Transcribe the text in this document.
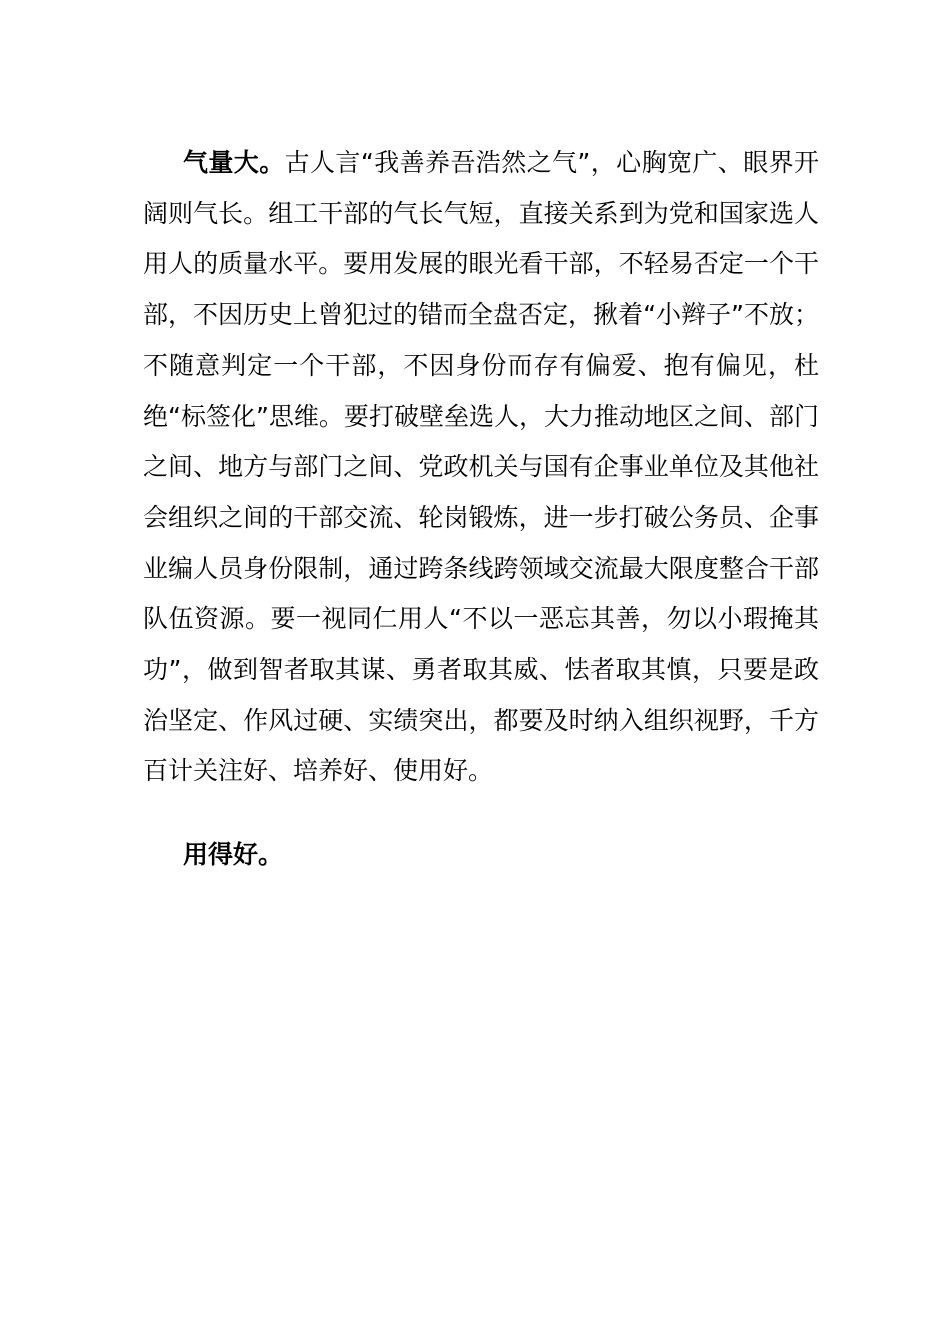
气量大。古人言“我善养吾浩然之气”，心胸宽广、眼界开阔则气长。组工干部的气长气短，直接关系到为党和国家选人用人的质量水平。要用发展的眼光看干部，不轻易否定一个干部，不因历史上曾犯过的错而全盘否定，揪着“小辫子”不放；不随意判定一个干部，不因身份而存有偏爱、抱有偏见，杜绝“标签化”思维。要打破壁垒选人，大力推动地区之间、部门之间、地方与部门之间、党政机关与国有企事业单位及其他社会组织之间的干部交流、轮岗锻炼，进一步打破公务员、企事业编人员身份限制，通过跨条线跨领域交流最大限度整合干部队伍资源。要一视同仁用人“不以一恶忘其善，勿以小瑕掩其功”，做到智者取其谋、勇者取其威、怯者取其慎，只要是政治坚定、作风过硬、实绩突出，都要及时纳入组织视野，千方百计关注好、培养好、使用好。

用得好。
